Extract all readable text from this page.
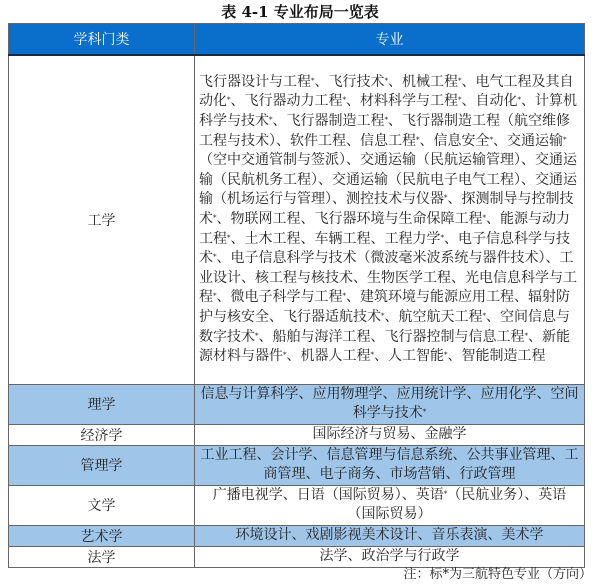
表 4-1 专业布局一览表
学科门类	专业
工学	飞行器设计与工程*、飞行技术*、机械工程*、电气工程及其自动化*、飞行器动力工程*、材料科学与工程*、自动化*、计算机科学与技术*、飞行器制造工程*、飞行器制造工程（航空维修工程与技术）、软件工程、信息工程*、信息安全*、交通运输*（空中交通管制与签派）、交通运输（民航运输管理）、交通运输（民航机务工程）、交通运输（民航电子电气工程）、交通运输（机场运行与管理）、测控技术与仪器*、探测制导与控制技术*、物联网工程、飞行器环境与生命保障工程*、能源与动力工程*、土木工程、车辆工程、工程力学*、电子信息科学与技术*、电子信息科学与技术（微波毫米波系统与器件技术）、工业设计、核工程与核技术、生物医学工程、光电信息科学与工程*、微电子科学与工程*、建筑环境与能源应用工程、辐射防护与核安全、飞行器适航技术*、航空航天工程*、空间信息与数字技术*、船舶与海洋工程、飞行器控制与信息工程*、新能源材料与器件*、机器人工程*、人工智能*、智能制造工程
理学	信息与计算科学、应用物理学、应用统计学、应用化学、空间科学与技术*
经济学	国际经济与贸易、金融学
管理学	工业工程、会计学、信息管理与信息系统、公共事业管理、工商管理、电子商务、市场营销、行政管理
文学	广播电视学、日语（国际贸易）、英语*（民航业务）、英语（国际贸易）
艺术学	环境设计、戏剧影视美术设计、音乐表演、美术学
法学	法学、政治学与行政学
注：标*为三航特色专业（方向）
